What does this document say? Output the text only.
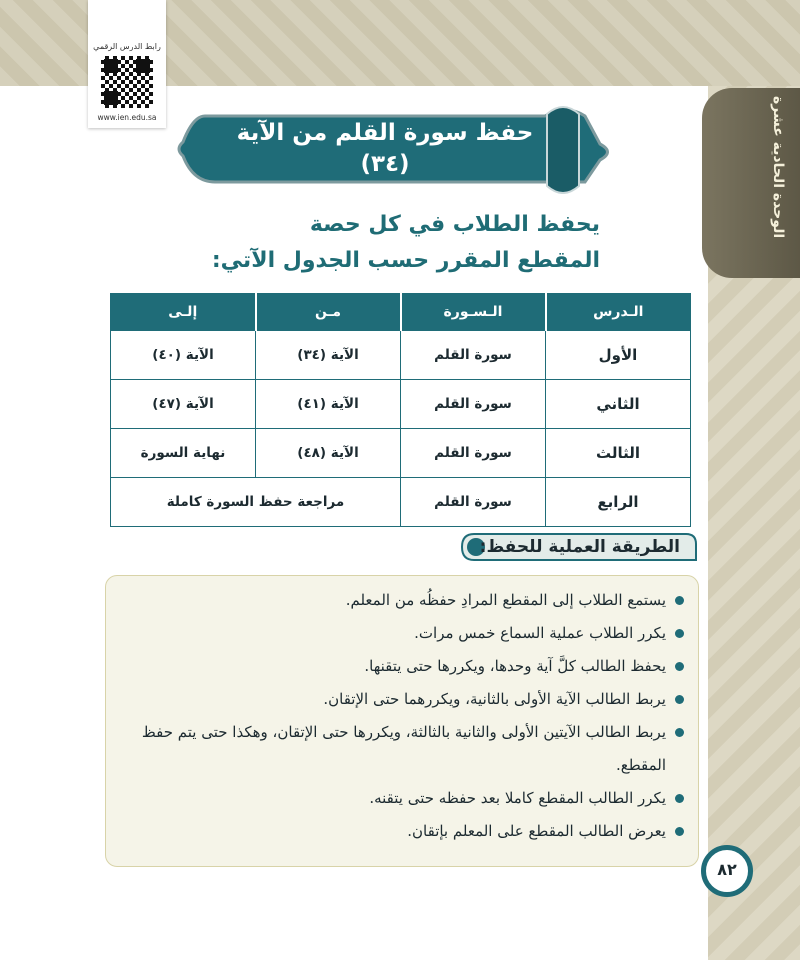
رابط الدرس الرقمي
www.ien.edu.sa	الوحدة الحادية عشرة
حفظ سورة القلم من الآية (٣٤)
حتى نهاية السورة
يحفظ الطلاب في كل حصة
المقطع المقرر حسب الجدول الآتي:
الـدرس	الـسـورة	مـن	إلـى
الأول	سورة القلم	الآية (٣٤)	الآية (٤٠)
الثاني	سورة القلم	الآية (٤١)	الآية (٤٧)
الثالث	سورة القلم	الآية (٤٨)	نهاية السورة
الرابع	سورة القلم	مراجعة حفظ السورة كاملة	
الطريقة العملية للحفظ:
يستمع الطلاب إلى المقطع المرادِ حفظُه من المعلم.
يكرر الطلاب عملية السماع خمس مرات.
يحفظ الطالب كلَّ آية وحدها، ويكررها حتى يتقنها.
يربط الطالب الآية الأولى بالثانية، ويكررهما حتى الإتقان.
يربط الطالب الآيتين الأولى والثانية بالثالثة، ويكررها حتى الإتقان، وهكذا حتى يتم حفظ المقطع.
يكرر الطالب المقطع كاملا بعد حفظه حتى يتقنه.
يعرض الطالب المقطع على المعلم بإتقان.
٨٢
